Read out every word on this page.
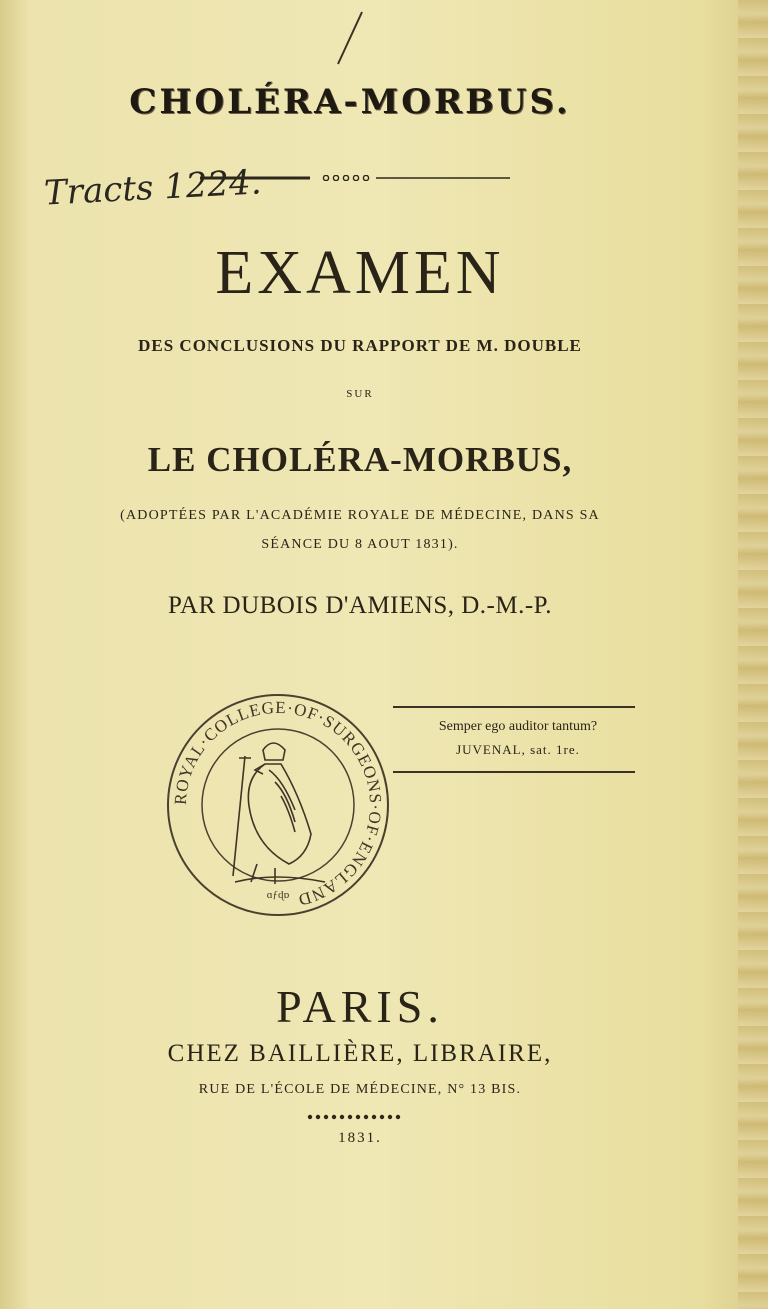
CHOLÉRA-MORBUS.
Tracts 1224.
EXAMEN
DES CONCLUSIONS DU RAPPORT DE M. DOUBLE
SUR
LE CHOLÉRA-MORBUS,
(ADOPTÉES PAR L'ACADÉMIE ROYALE DE MÉDECINE, DANS SA
SÉANCE DU 8 AOUT 1831).
PAR DUBOIS D'AMIENS, D.-M.-P.
ROYAL·COLLEGE·OF·SURGEONS·OF·ENGLAND
ɑƒɖɒ
Semper ego auditor tantum?
JUVENAL, sat. 1re.
PARIS.
CHEZ BAILLIÈRE, LIBRAIRE,
RUE DE L'ÉCOLE DE MÉDECINE, N° 13 BIS.
1831.
